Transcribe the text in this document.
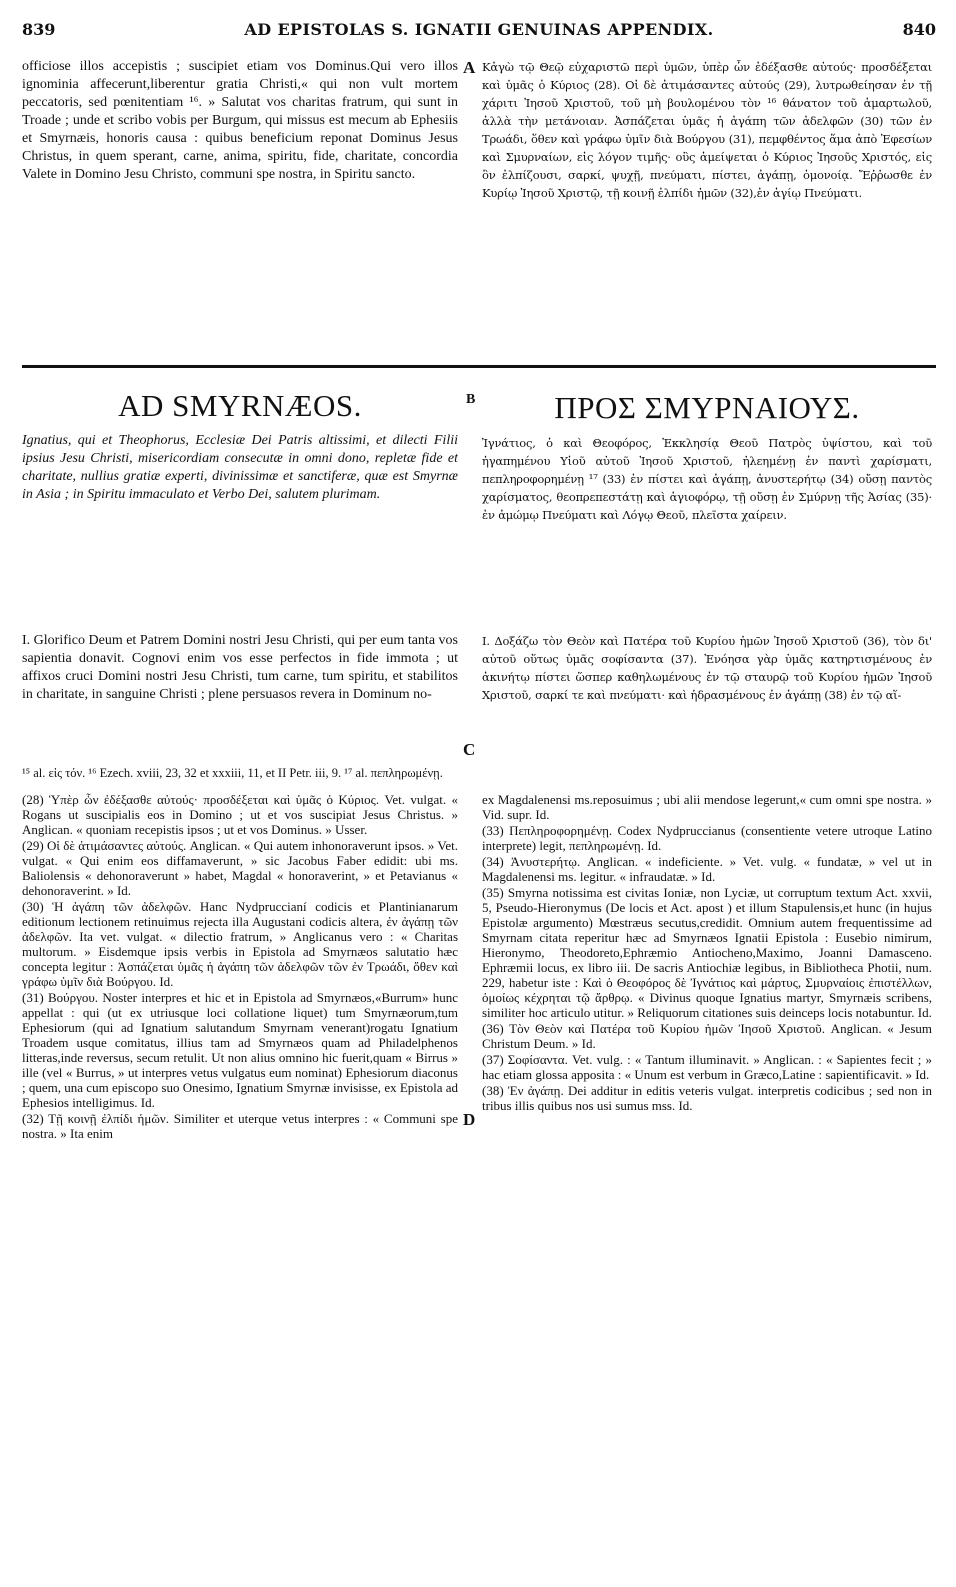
839	AD EPISTOLAS S. IGNATII GENUINAS APPENDIX.	840

officiose illos accepistis ; suscipiet etiam vos Dominus.Qui vero illos ignominia affecerunt,liberentur gratia Christi,« qui non vult mortem peccatoris, sed pœnitentiam ¹⁶. » Salutat vos charitas fratrum, qui sunt in Troade ; unde et scribo vobis per Burgum, qui missus est mecum ab Ephesiis et Smyrnæis, honoris causa : quibus beneficium reponat Dominus Jesus Christus, in quem sperant, carne, anima, spiritu, fide, charitate, concordia Valete in Domino Jesu Christo, communi spe nostra, in Spiritu sancto.

A Κἀγὼ τῷ Θεῷ εὐχαριστῶ περὶ ὑμῶν, ὑπὲρ ὧν ἐδέξασθε αὐτούς· προσδέξεται καὶ ὑμᾶς ὁ Κύριος (28). Οἱ δὲ ἀτιμάσαντες αὐτούς (29), λυτρωθείησαν ἐν τῇ χάριτι Ἰησοῦ Χριστοῦ, τοῦ μὴ βουλομένου τὸν ¹⁶ θάνατον τοῦ ἁμαρτωλοῦ, ἀλλὰ τὴν μετάνοιαν. Ἀσπάζεται ὑμᾶς ἡ ἀγάπη τῶν ἀδελφῶν (30) τῶν ἐν Τρωάδι, ὅθεν καὶ γράφω ὑμῖν διὰ Βούργου (31), πεμφθέντος ἅμα ἀπὸ Ἐφεσίων καὶ Σμυρναίων, εἰς λόγον τιμῆς· οὓς ἀμείψεται ὁ Κύριος Ἰησοῦς Χριστός, εἰς ὃν ἐλπίζουσι, σαρκί, ψυχῇ, πνεύματι, πίστει, ἀγάπῃ, ὁμονοίᾳ. Ἔῤῥωσθε ἐν Κυρίῳ Ἰησοῦ Χριστῷ, τῇ κοινῇ ἐλπίδι ἡμῶν (32),ἐν ἁγίῳ Πνεύματι.

AD SMYRNÆOS.	B	ΠΡΟΣ ΣΜΥΡΝΑΙΟΥΣ.

Ignatius, qui et Theophorus, Ecclesiæ Dei Patris altissimi, et dilecti Filii ipsius Jesu Christi, misericordiam consecutæ in omni dono, repletæ fide et charitate, nullius gratiæ experti, divinissimæ et sanctiferæ, quæ est Smyrnæ in Asia ; in Spiritu immaculato et Verbo Dei, salutem plurimam.

Ἰγνάτιος, ὁ καὶ Θεοφόρος, Ἐκκλησίᾳ Θεοῦ Πατρὸς ὑψίστου, καὶ τοῦ ἠγαπημένου Υἱοῦ αὐτοῦ Ἰησοῦ Χριστοῦ, ἠλεημένῃ ἐν παντὶ χαρίσματι, πεπληροφορημένῃ ¹⁷ (33) ἐν πίστει καὶ ἀγάπῃ, ἀνυστερήτῳ (34) οὔσῃ παντὸς χαρίσματος, θεοπρεπεστάτῃ καὶ ἁγιοφόρῳ, τῇ οὔσῃ ἐν Σμύρνῃ τῆς Ἀσίας (35)· ἐν ἀμώμῳ Πνεύματι καὶ Λόγῳ Θεοῦ, πλεῖστα χαίρειν.

I. Glorifico Deum et Patrem Domini nostri Jesu Christi, qui per eum tanta vos sapientia donavit. Cognovi enim vos esse perfectos in fide immota ; ut affixos cruci Domini nostri Jesu Christi, tum carne, tum spiritu, et stabilitos in charitate, in sanguine Christi ; plene persuasos revera in Dominum no-

C

I. Δοξάζω τὸν Θεὸν καὶ Πατέρα τοῦ Κυρίου ἡμῶν Ἰησοῦ Χριστοῦ (36), τὸν δι' αὐτοῦ οὕτως ὑμᾶς σοφίσαντα (37). Ἐνόησα γὰρ ὑμᾶς κατηρτισμένους ἐν ἀκινήτῳ πίστει ὥσπερ καθηλωμένους ἐν τῷ σταυρῷ τοῦ Κυρίου ἡμῶν Ἰησοῦ Χριστοῦ, σαρκί τε καὶ πνεύματι· καὶ ἡδρασμένους ἐν ἀγάπῃ (38) ἐν τῷ αἵ-

¹⁵ al. εἰς τόν. ¹⁶ Ezech. xviii, 23, 32 et xxxiii, 11, et II Petr. iii, 9. ¹⁷ al. πεπληρωμένῃ.

(28) Ὑπὲρ ὧν ἐδέξασθε αὐτούς· προσδέξεται καὶ ὑμᾶς ὁ Κύριος. Vet. vulgat. « Rogans ut suscipialis eos in Domino ; ut et vos suscipiat Jesus Christus. » Anglican. « quoniam recepistis ipsos ; ut et vos Dominus. » Usser.

(29) Οἱ δὲ ἀτιμάσαντες αὐτούς. Anglican. « Qui autem inhonoraverunt ipsos. » Vet. vulgat. « Qui enim eos diffamaverunt, » sic Jacobus Faber edidit: ubi ms. Baliolensis « dehonoraverunt » habet, Magdal « honoraverint, » et Petavianus « dehonoraverint. » Id.

(30) Ἡ ἀγάπη τῶν ἀδελφῶν. Hanc Nydpruccianí codicis et Plantinianarum editionum lectionem retinuimus rejecta illa Augustani codicis altera, ἐν ἀγάπῃ τῶν ἀδελφῶν. Ita vet. vulgat. « dilectio fratrum, » Anglicanus vero : « Charitas multorum. » Eisdemque ipsis verbis in Epistola ad Smyrnæos salutatio hæc concepta legitur : Ἀσπάζεται ὑμᾶς ἡ ἀγάπη τῶν ἀδελφῶν τῶν ἐν Τρωάδι, ὅθεν καὶ γράφω ὑμῖν διὰ Βούργου. Id.

(31) Βούργου. Noster interpres et hic et in Epistola ad Smyrnæos,«Burrum» hunc appellat : qui (ut ex utriusque loci collatione liquet) tum Smyrnæorum,tum Ephesiorum (qui ad Ignatium salutandum Smyrnam venerant)rogatu Ignatium Troadem usque comitatus, illius tam ad Smyrnæos quam ad Philadelphenos litteras,inde reversus, secum retulit. Ut non alius omnino hic fuerit,quam « Birrus » ille (vel « Burrus, » ut interpres vetus vulgatus eum nominat) Ephesiorum diaconus ; quem, una cum episcopo suo Onesimo, Ignatium Smyrnæ invisisse, ex Epistola ad Ephesios intelligimus. Id.

(32) Τῇ κοινῇ ἐλπίδι ἡμῶν. Similiter et uterque vetus interpres : « Communi spe nostra. » Ita enim

D

ex Magdalenensi ms.reposuimus ; ubi alii mendose legerunt,« cum omni spe nostra. » Vid. supr. Id.

(33) Πεπληροφορημένῃ. Codex Nydpruccianus (consentiente vetere utroque Latino interprete) legit, πεπληρωμένῃ. Id.

(34) Ἀνυστερήτῳ. Anglican. « indeficiente. » Vet. vulg. « fundatæ, » vel ut in Magdalenensi ms. legitur. « infraudatæ. » Id.

(35) Smyrna notissima est civitas Ioniæ, non Lyciæ, ut corruptum textum Act. xxvii, 5, Pseudo-Hieronymus (De locis et Act. apost ) et illum Stapulensis,et hunc (in hujus Epistolæ argumento) Mœstræus secutus,credidit. Omnium autem frequentissime ad Smyrnam citata reperitur hæc ad Smyrnæos Ignatii Epistola : Eusebio nimirum, Hieronymo, Theodoreto,Ephræmio Antiocheno,Maximo, Joanni Damasceno. Ephræmii locus, ex libro iii. De sacris Antiochiæ legibus, in Bibliotheca Photii, num. 229, habetur iste : Καὶ ὁ Θεοφόρος δὲ Ἰγνάτιος καὶ μάρτυς, Σμυρναίοις ἐπιστέλλων, ὁμοίως κέχρηται τῷ ἄρθρῳ. « Divinus quoque Ignatius martyr, Smyrnæis scribens, similiter hoc articulo utitur. » Reliquorum citationes suis deinceps locis notabuntur. Id.

(36) Τὸν Θεὸν καὶ Πατέρα τοῦ Κυρίου ἡμῶν Ἰησοῦ Χριστοῦ. Anglican. « Jesum Christum Deum. » Id.

(37) Σοφίσαντα. Vet. vulg. : « Tantum illuminavit. » Anglican. : « Sapientes fecit ; » hac etiam glossa apposita : « Unum est verbum in Græco,Latine : sapientificavit. » Id.

(38) Ἐν ἀγάπῃ. Dei additur in editis veteris vulgat. interpretis codicibus ; sed non in tribus illis quibus nos usi sumus mss. Id.
